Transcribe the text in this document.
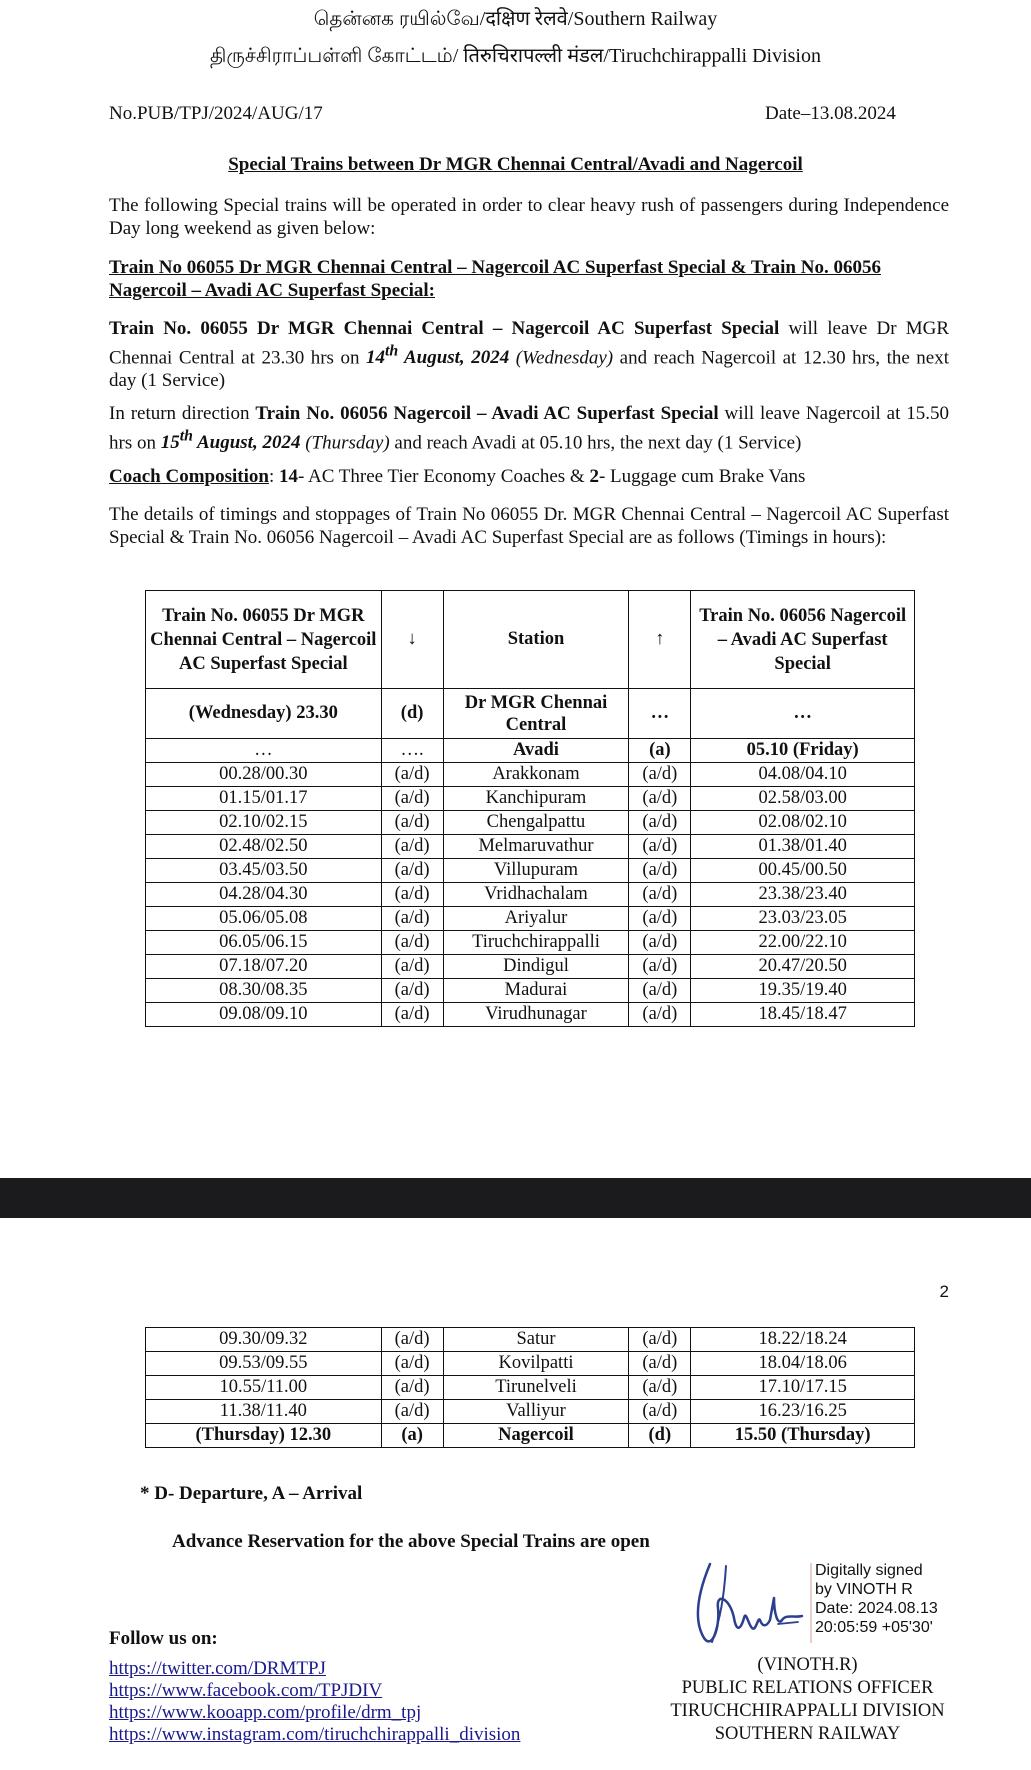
தென்னக ரயில்வே/दक्षिण रेलवे/Southern Railway
திருச்சிராப்பள்ளி கோட்டம்/ तिरुचिरापल्ली मंडल/Tiruchchirappalli Division
No.PUB/TPJ/2024/AUG/17	Date–13.08.2024
Special Trains between Dr MGR Chennai Central/Avadi and Nagercoil
The following Special trains will be operated in order to clear heavy rush of passengers during Independence Day long weekend as given below:
Train No 06055 Dr MGR Chennai Central – Nagercoil AC Superfast Special & Train No. 06056 Nagercoil – Avadi AC Superfast Special:
Train No. 06055 Dr MGR Chennai Central – Nagercoil AC Superfast Special will leave Dr MGR Chennai Central at 23.30 hrs on 14th August, 2024 (Wednesday) and reach Nagercoil at 12.30 hrs, the next day (1 Service)
In return direction Train No. 06056 Nagercoil – Avadi AC Superfast Special will leave Nagercoil at 15.50 hrs on 15th August, 2024 (Thursday) and reach Avadi at 05.10 hrs, the next day (1 Service)
Coach Composition: 14- AC Three Tier Economy Coaches & 2- Luggage cum Brake Vans
The details of timings and stoppages of Train No 06055 Dr. MGR Chennai Central – Nagercoil AC Superfast Special & Train No. 06056 Nagercoil – Avadi AC Superfast Special are as follows (Timings in hours):
Train No. 06055 Dr MGR Chennai Central – Nagercoil AC Superfast Special	↓	Station	↑	Train No. 06056 Nagercoil – Avadi AC Superfast Special
(Wednesday) 23.30	(d)	Dr MGR Chennai Central	…	…
…	….	Avadi	(a)	05.10 (Friday)
00.28/00.30	(a/d)	Arakkonam	(a/d)	04.08/04.10
01.15/01.17	(a/d)	Kanchipuram	(a/d)	02.58/03.00
02.10/02.15	(a/d)	Chengalpattu	(a/d)	02.08/02.10
02.48/02.50	(a/d)	Melmaruvathur	(a/d)	01.38/01.40
03.45/03.50	(a/d)	Villupuram	(a/d)	00.45/00.50
04.28/04.30	(a/d)	Vridhachalam	(a/d)	23.38/23.40
05.06/05.08	(a/d)	Ariyalur	(a/d)	23.03/23.05
06.05/06.15	(a/d)	Tiruchchirappalli	(a/d)	22.00/22.10
07.18/07.20	(a/d)	Dindigul	(a/d)	20.47/20.50
08.30/08.35	(a/d)	Madurai	(a/d)	19.35/19.40
09.08/09.10	(a/d)	Virudhunagar	(a/d)	18.45/18.47
2
09.30/09.32	(a/d)	Satur	(a/d)	18.22/18.24
09.53/09.55	(a/d)	Kovilpatti	(a/d)	18.04/18.06
10.55/11.00	(a/d)	Tirunelveli	(a/d)	17.10/17.15
11.38/11.40	(a/d)	Valliyur	(a/d)	16.23/16.25
(Thursday) 12.30	(a)	Nagercoil	(d)	15.50 (Thursday)
* D- Departure, A – Arrival
Advance Reservation for the above Special Trains are open
Follow us on:
https://twitter.com/DRMTPJ
https://www.facebook.com/TPJDIV
https://www.kooapp.com/profile/drm_tpj
https://www.instagram.com/tiruchchirappalli_division
Digitally signed
by VINOTH R
Date: 2024.08.13
20:05:59 +05'30'
(VINOTH.R)
PUBLIC RELATIONS OFFICER
TIRUCHCHIRAPPALLI DIVISION
SOUTHERN RAILWAY
